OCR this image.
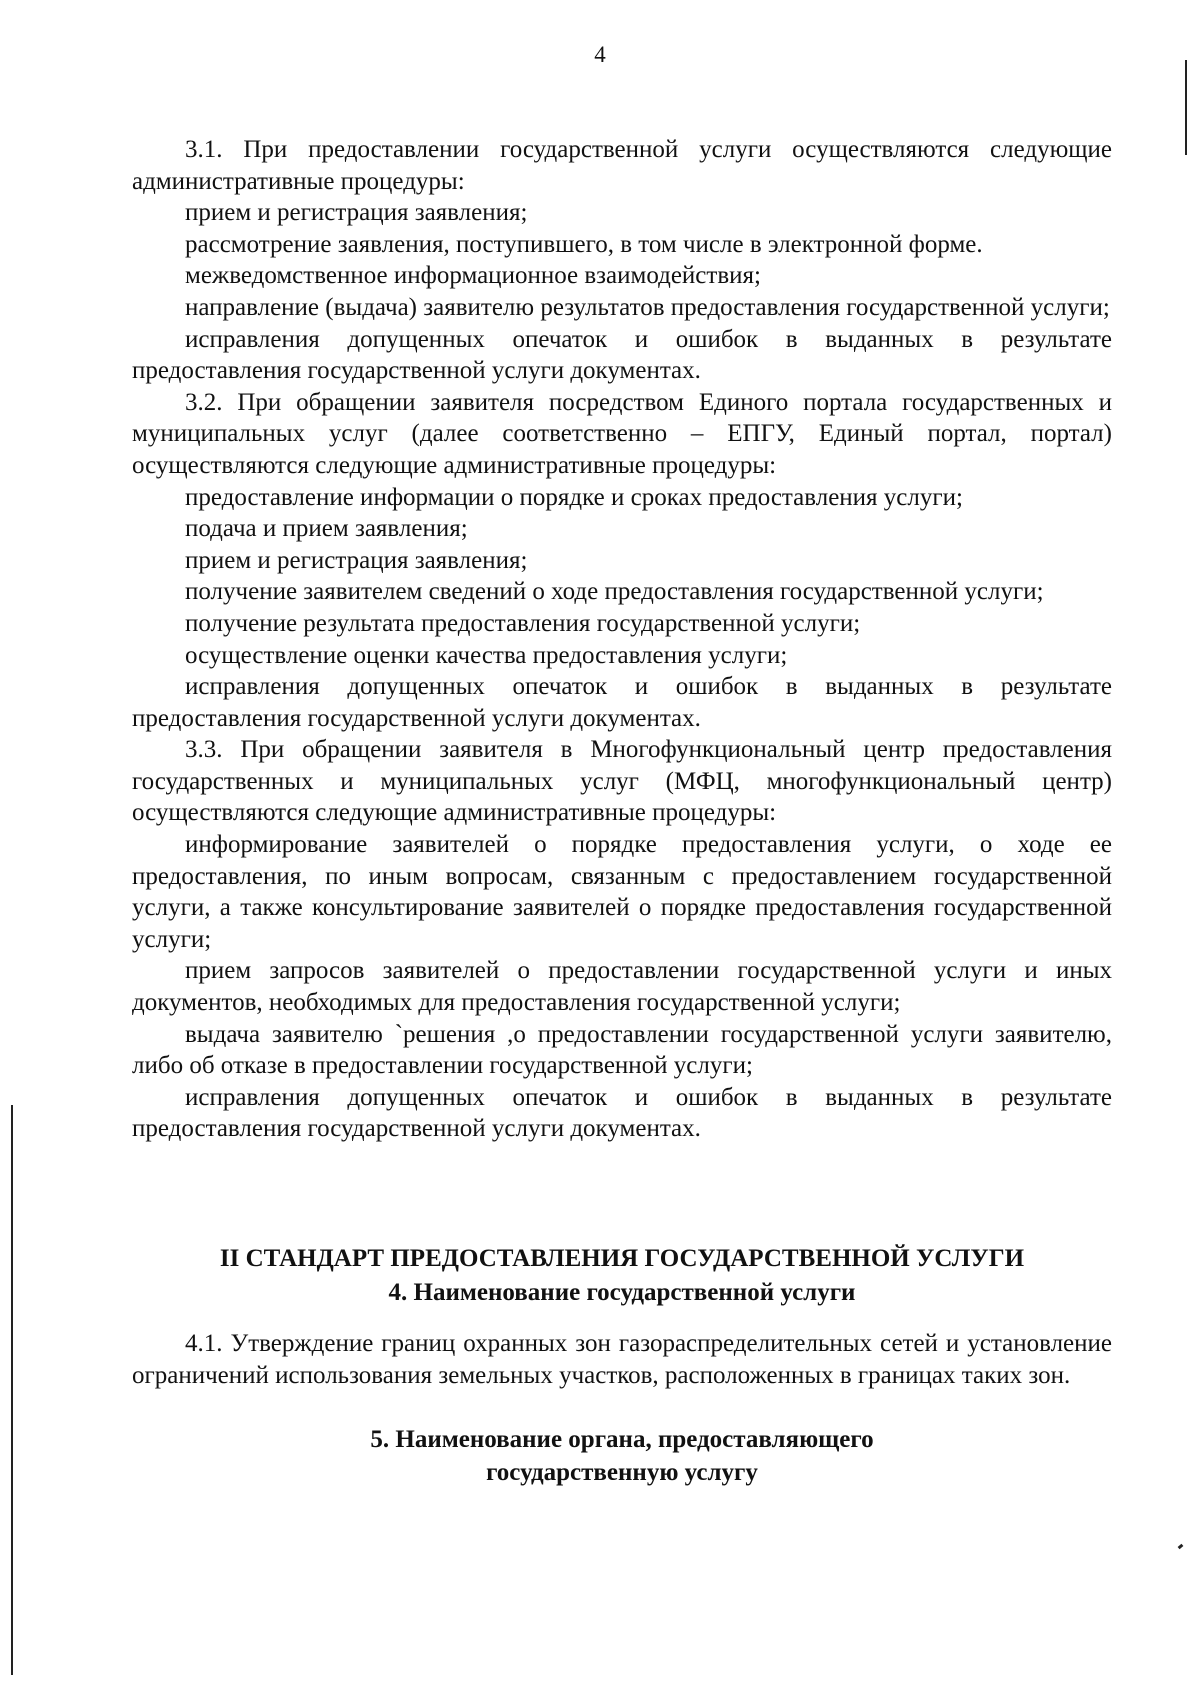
4

3.1. При предоставлении государственной услуги осуществляются следующие административные процедуры:

прием и регистрация заявления;

рассмотрение заявления, поступившего, в том числе в электронной форме.

межведомственное информационное взаимодействия;

направление (выдача) заявителю результатов предоставления государственной услуги;

исправления допущенных опечаток и ошибок в выданных в результате предоставления государственной услуги документах.

3.2. При обращении заявителя посредством Единого портала государственных и муниципальных услуг (далее соответственно – ЕПГУ, Единый портал, портал) осуществляются следующие административные процедуры:

предоставление информации о порядке и сроках предоставления услуги;

подача и прием заявления;

прием и регистрация заявления;

получение заявителем сведений о ходе предоставления государственной услуги;

получение результата предоставления государственной услуги;

осуществление оценки качества предоставления услуги;

исправления допущенных опечаток и ошибок в выданных в результате предоставления государственной услуги документах.

3.3. При обращении заявителя в Многофункциональный центр предоставления государственных и муниципальных услуг (МФЦ, многофункциональный центр) осуществляются следующие административные процедуры:

информирование заявителей о порядке предоставления услуги, о ходе ее предоставления, по иным вопросам, связанным с предоставлением государственной услуги, а также консультирование заявителей о порядке предоставления государственной услуги;

прием запросов заявителей о предоставлении государственной услуги и иных документов, необходимых для предоставления государственной услуги;

выдача заявителю `решения ,о предоставлении государственной услуги заявителю, либо об отказе в предоставлении государственной услуги;

исправления допущенных опечаток и ошибок в выданных в результате предоставления государственной услуги документах.

II СТАНДАРТ ПРЕДОСТАВЛЕНИЯ ГОСУДАРСТВЕННОЙ УСЛУГИ
4. Наименование государственной услуги

4.1. Утверждение границ охранных зон газораспределительных сетей и установление ограничений использования земельных участков, расположенных в границах таких зон.

5. Наименование органа, предоставляющего
государственную услугу
